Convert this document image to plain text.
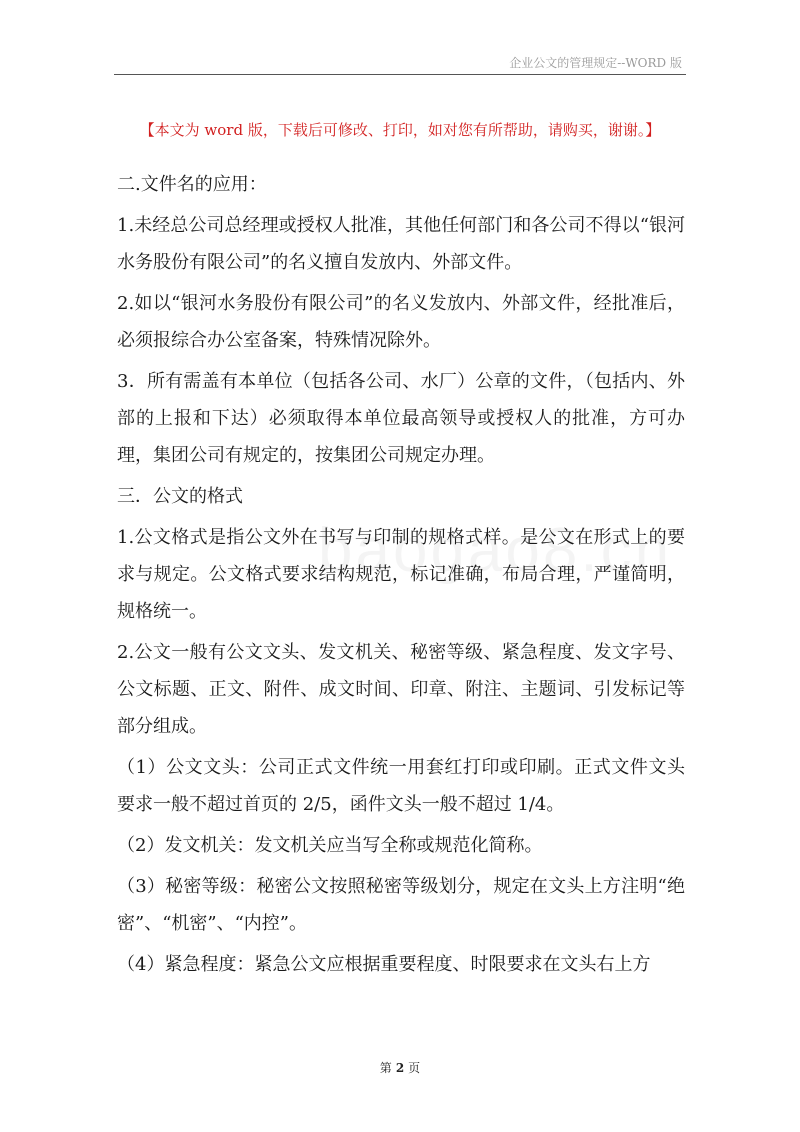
企业公文的管理规定--WORD 版
【本文为 word 版，下载后可修改、打印，如对您有所帮助，请购买，谢谢。】

二.文件名的应用：

1.未经总公司总经理或授权人批准，其他任何部门和各公司不得以“银河水务股份有限公司”的名义擅自发放内、外部文件。

2.如以“银河水务股份有限公司”的名义发放内、外部文件，经批准后，必须报综合办公室备案，特殊情况除外。

3．所有需盖有本单位（包括各公司、水厂）公章的文件，（包括内、外部的上报和下达）必须取得本单位最高领导或授权人的批准，方可办理，集团公司有规定的，按集团公司规定办理。

三．公文的格式

1.公文格式是指公文外在书写与印制的规格式样。是公文在形式上的要求与规定。公文格式要求结构规范，标记准确，布局合理，严谨简明，规格统一。

2.公文一般有公文文头、发文机关、秘密等级、紧急程度、发文字号、公文标题、正文、附件、成文时间、印章、附注、主题词、引发标记等部分组成。

（1）公文文头：公司正式文件统一用套红打印或印刷。正式文件文头要求一般不超过首页的 2/5，函件文头一般不超过 1/4。

（2）发文机关：发文机关应当写全称或规范化简称。

（3）秘密等级：秘密公文按照秘密等级划分，规定在文头上方注明“绝密”、“机密”、“内控”。

（4）紧急程度：紧急公文应根据重要程度、时限要求在文头右上方

第 2 页
